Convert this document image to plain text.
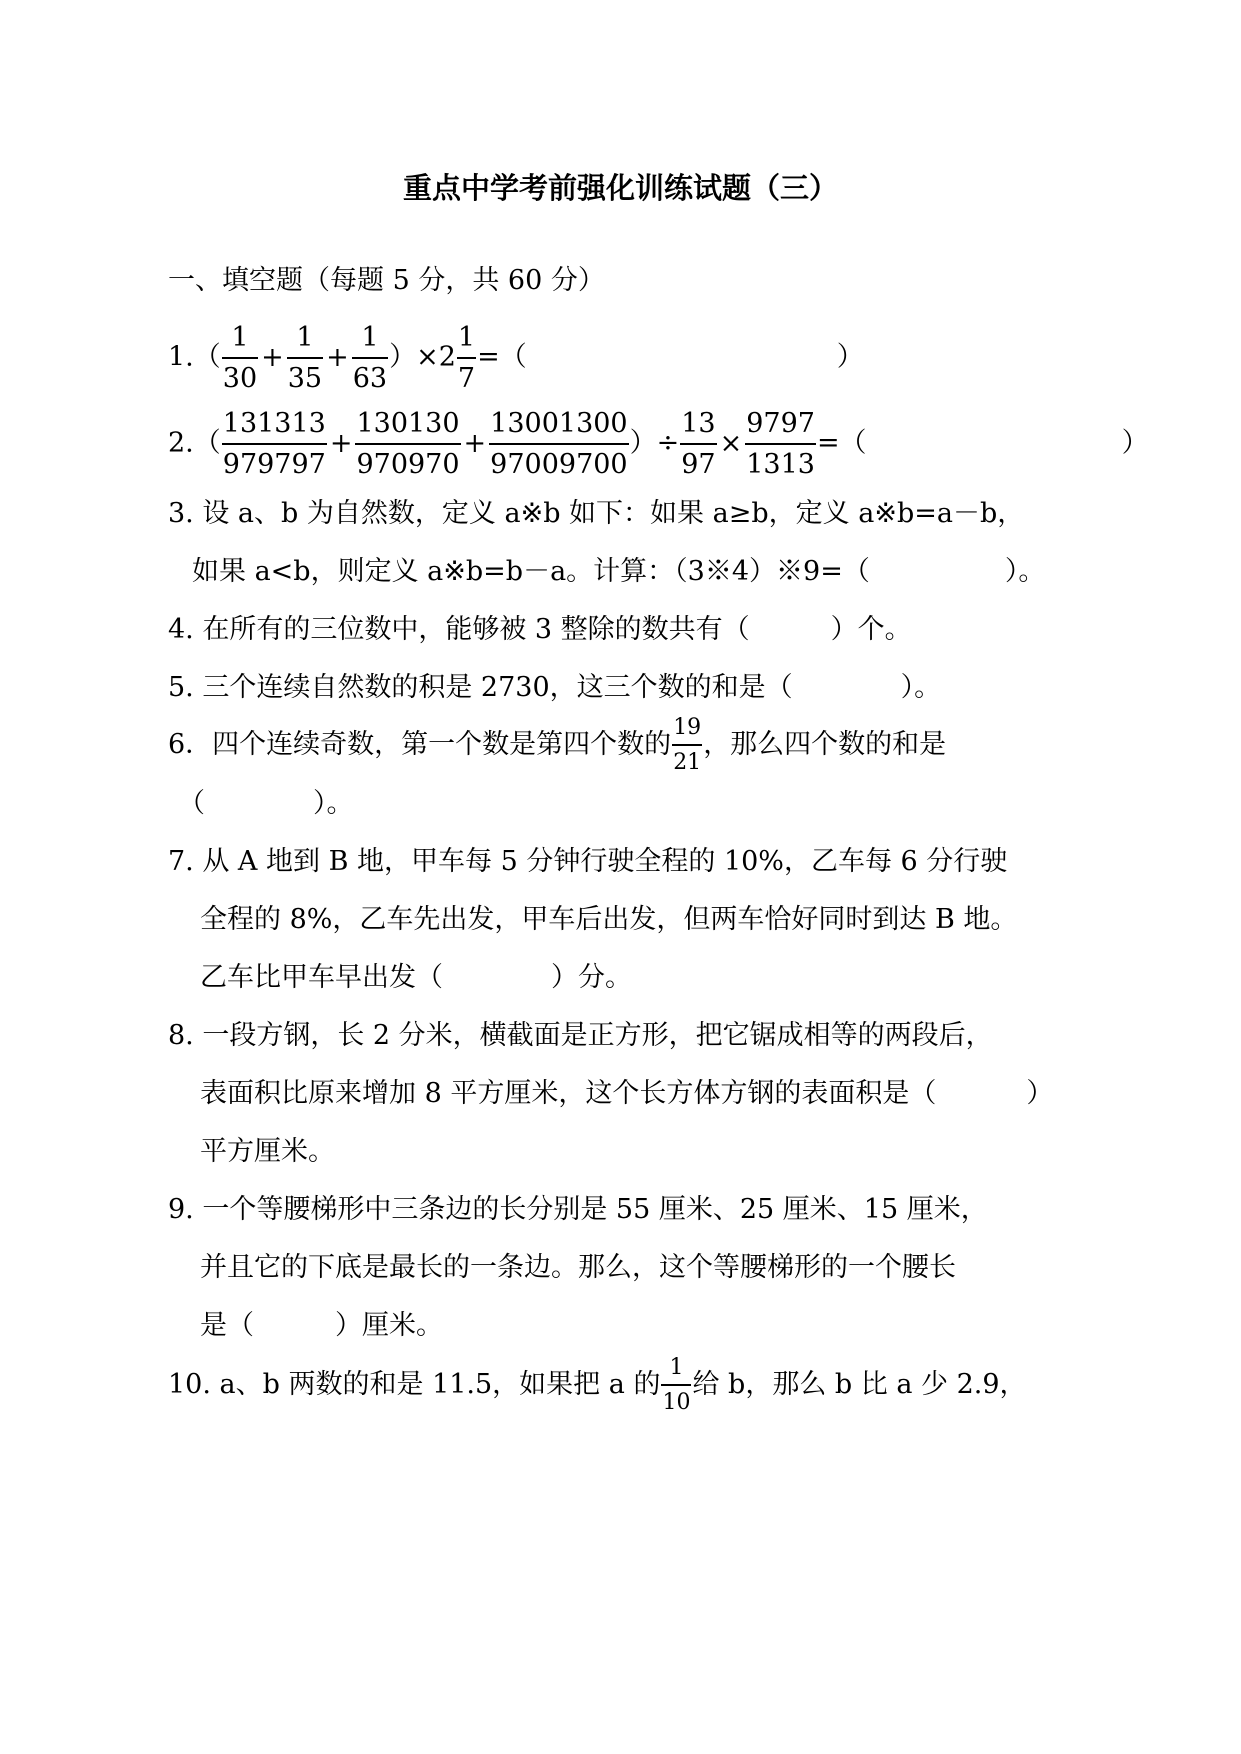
重点中学考前强化训练试题（三）
一、填空题（每题 5 分，共 60 分）
$1.( \frac{1}{30} + \frac{1}{35} + \frac{1}{63} )\times 2 \frac{1}{7}$ =（	）
$2.( \frac{131313}{979797} + \frac{130130}{970970} + \frac{13001300}{97009700}$ ）÷ $\frac{13}{97} \times \frac{9797}{1313}$ =（	）
3. 设 a、b 为自然数，定义 a※b 如下：如果 a≥b，定义 a※b=a－b，
如果 a<b，则定义 a※b=b－a。计算：（3※4）※9=（　　　　　）。
4. 在所有的三位数中，能够被 3 整除的数共有（　　　）个。
5. 三个连续自然数的积是 2730，这三个数的和是（　　　　）。
6．四个连续奇数，第一个数是第四个数的 $\frac{19}{21}$ ，那么四个数的和是
（　　　　）。
7. 从 A 地到 B 地，甲车每 5 分钟行驶全程的 10%，乙车每 6 分行驶
全程的 8%，乙车先出发，甲车后出发，但两车恰好同时到达 B 地。
乙车比甲车早出发（　　　　）分。
8. 一段方钢，长 2 分米，横截面是正方形，把它锯成相等的两段后，
表面积比原来增加 8 平方厘米，这个长方体方钢的表面积是（	）
平方厘米。
9. 一个等腰梯形中三条边的长分别是 55 厘米、25 厘米、15 厘米，
并且它的下底是最长的一条边。那么，这个等腰梯形的一个腰长
是（　　　）厘米。
10. a、b 两数的和是 11.5，如果把 a 的 $\frac{1}{10}$ 给 b，那么 b 比 a 少 2.9，
